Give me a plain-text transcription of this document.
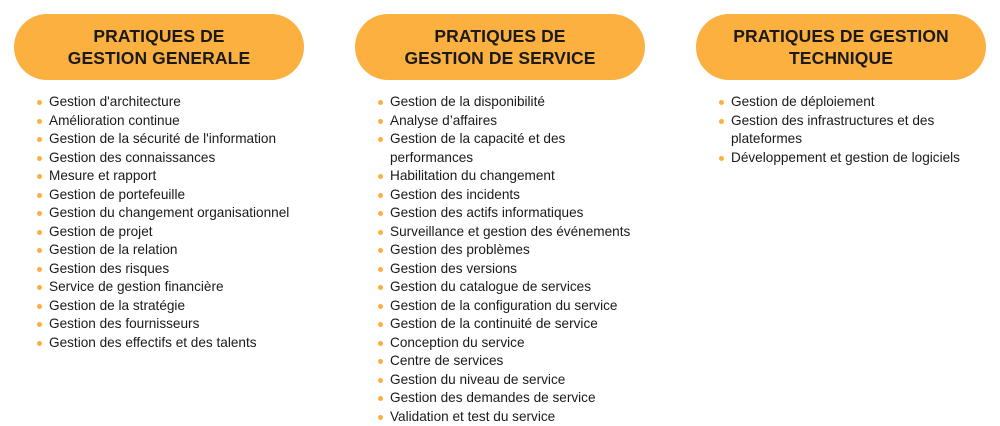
PRATIQUES DE
GESTION GENERALE
Gestion d'architecture
Amélioration continue
Gestion de la sécurité de l'information
Gestion des connaissances
Mesure et rapport
Gestion de portefeuille
Gestion du changement organisationnel
Gestion de projet
Gestion de la relation
Gestion des risques
Service de gestion financière
Gestion de la stratégie
Gestion des fournisseurs
Gestion des effectifs et des talents
PRATIQUES DE
GESTION DE SERVICE
Gestion de la disponibilité
Analyse d’affaires
Gestion de la capacité et des performances
Habilitation du changement
Gestion des incidents
Gestion des actifs informatiques
Surveillance et gestion des événements
Gestion des problèmes
Gestion des versions
Gestion du catalogue de services
Gestion de la configuration du service
Gestion de la continuité de service
Conception du service
Centre de services
Gestion du niveau de service
Gestion des demandes de service
Validation et test du service
PRATIQUES DE GESTION
TECHNIQUE
Gestion de déploiement
Gestion des infrastructures et des plateformes
Développement et gestion de logiciels
